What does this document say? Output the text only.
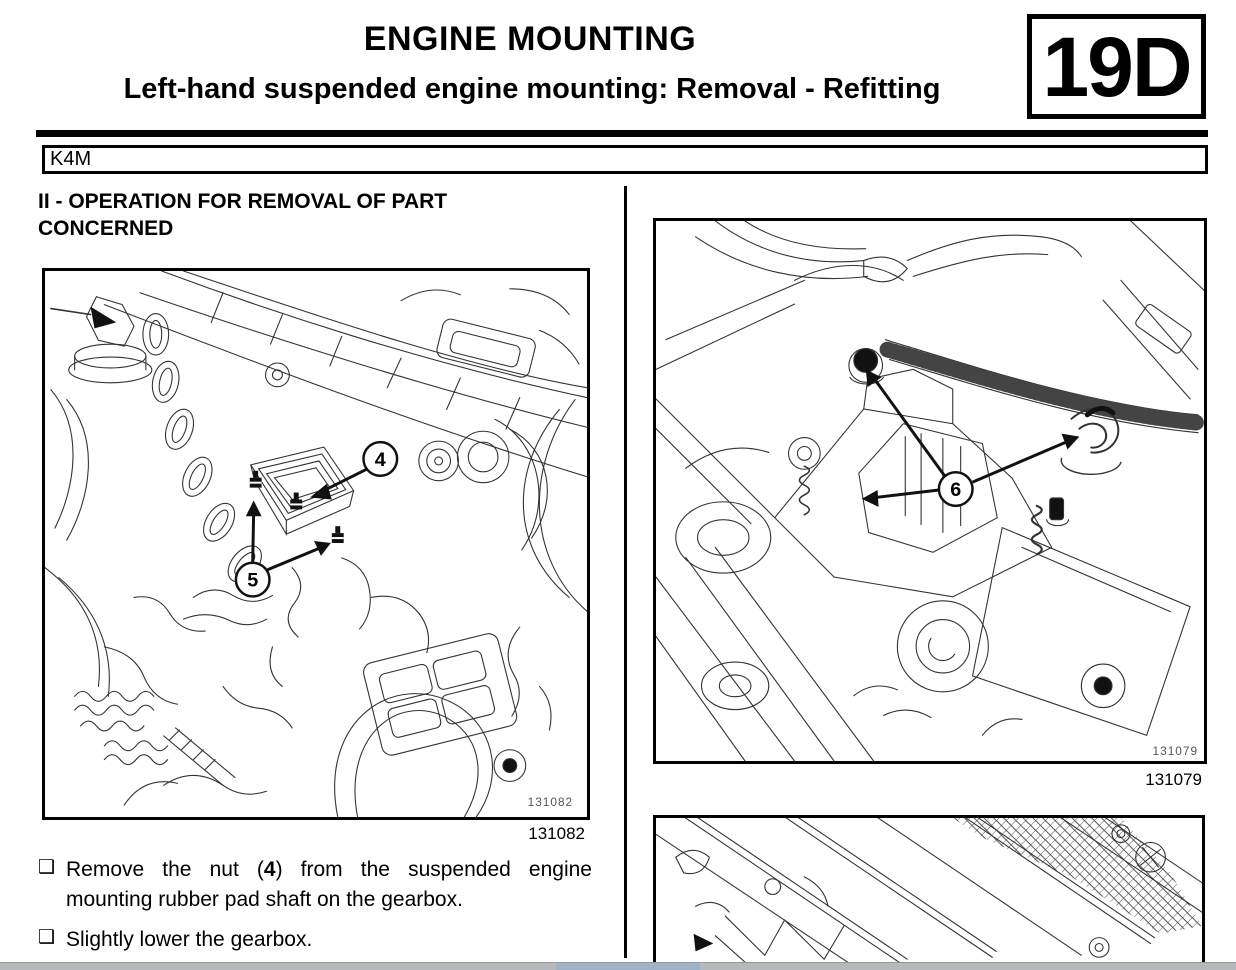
ENGINE MOUNTING
Left-hand suspended engine mounting: Removal - Refitting	19D
K4M
II - OPERATION FOR REMOVAL OF PART CONCERNED
4
5
131082
131082
6
131079
131079
❑ Remove the nut (4) from the suspended engine mounting rubber pad shaft on the gearbox.
❑ Slightly lower the gearbox.
